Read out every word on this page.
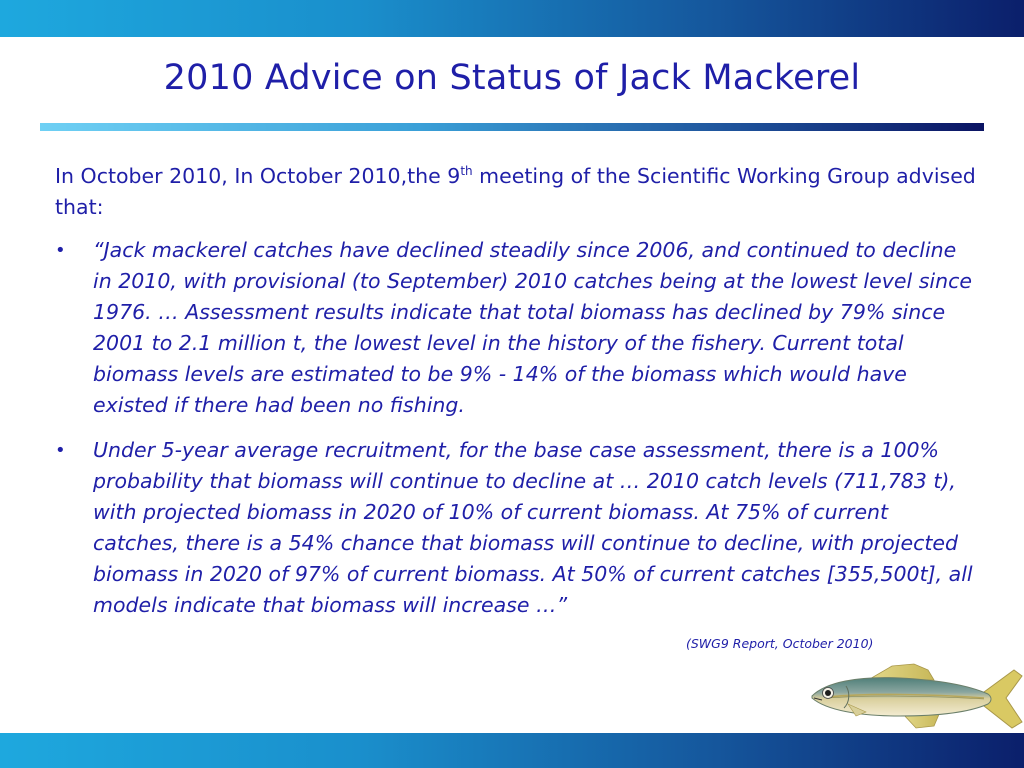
2010 Advice on Status of Jack Mackerel

In October 2010, In October 2010,the 9th meeting of the Scientific Working Group advised that:

• “Jack mackerel catches have declined steadily since 2006, and continued to decline in 2010, with provisional (to September) 2010 catches being at the lowest level since 1976. … Assessment results indicate that total biomass has declined by 79% since 2001 to 2.1 million t, the lowest level in the history of the fishery. Current total biomass levels are estimated to be 9% - 14% of the biomass which would have existed if there had been no fishing.

• Under 5-year average recruitment, for the base case assessment, there is a 100% probability that biomass will continue to decline at … 2010 catch levels (711,783 t), with projected biomass in 2020 of 10% of current biomass. At 75% of current catches, there is a 54% chance that biomass will continue to decline, with projected biomass in 2020 of 97% of current biomass. At 50% of current catches [355,500t], all models indicate that biomass will increase …”

(SWG9 Report, October 2010)
